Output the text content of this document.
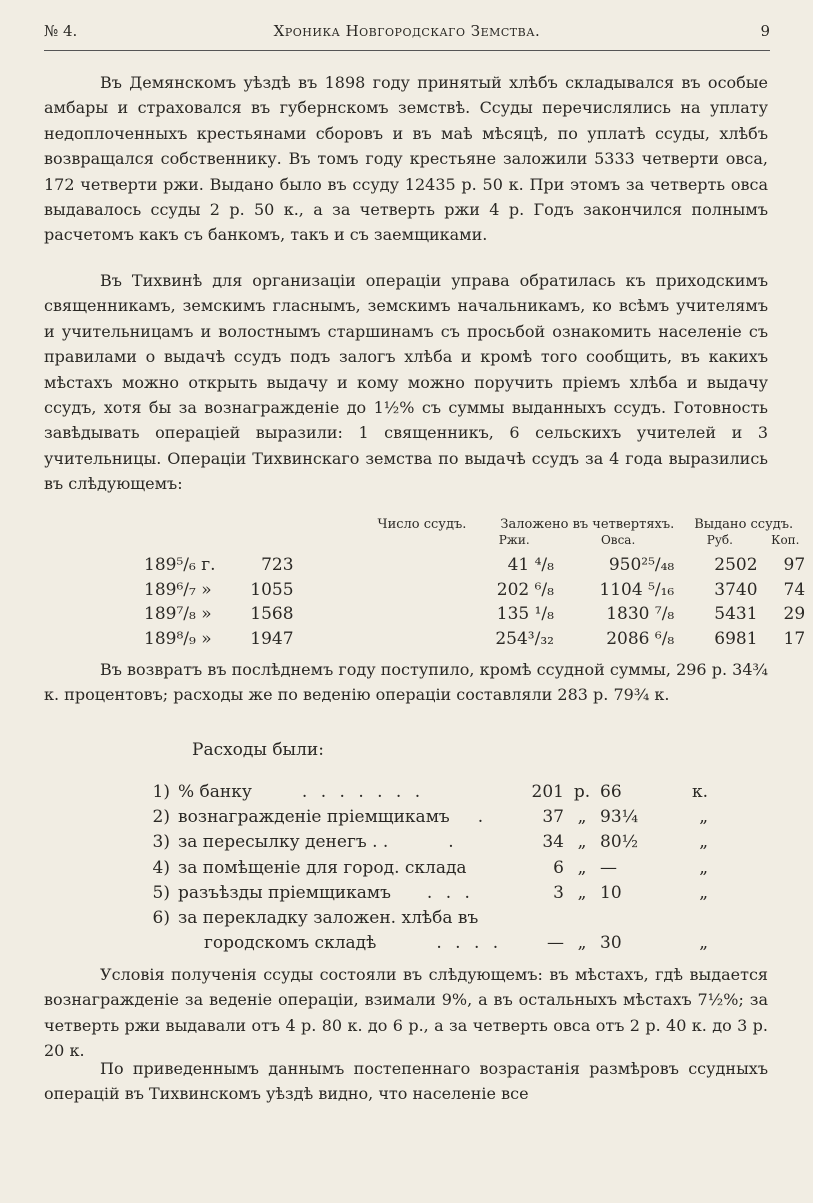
№ 4.	Хроника Новгородскаго Земства.	9

Въ Демянскомъ уѣздѣ въ 1898 году принятый хлѣбъ складывался въ особые амбары и страховался въ губернскомъ земствѣ. Ссуды перечислялись на уплату недоплоченныхъ крестьянами сборовъ и въ маѣ мѣсяцѣ, по уплатѣ ссуды, хлѣбъ возвращался собственнику. Въ томъ году крестьяне заложили 5333 четверти овса, 172 четверти ржи. Выдано было въ ссуду 12435 р. 50 к. При этомъ за четверть овса выдавалось ссуды 2 р. 50 к., а за четверть ржи 4 р. Годъ закончился полнымъ расчетомъ какъ съ банкомъ, такъ и съ заемщиками.

Въ Тихвинѣ для организаціи операціи управа обратилась къ приходскимъ священникамъ, земскимъ гласнымъ, земскимъ начальникамъ, ко всѣмъ учителямъ и учительницамъ и волостнымъ старшинамъ съ просьбой ознакомить населеніе съ правилами о выдачѣ ссудъ подъ залогъ хлѣба и кромѣ того сообщить, въ какихъ мѣстахъ можно открыть выдачу и кому можно поручить пріемъ хлѣба и выдачу ссудъ, хотя бы за вознагражденіе до 1½% съ суммы выданныхъ ссудъ. Готовность завѣдывать операціей выразили: 1 священникъ, 6 сельскихъ учителей и 3 учительницы. Операціи Тихвинскаго земства по выдачѣ ссудъ за 4 года выразились въ слѣдующемъ:

		Число ссудъ.		Заложено въ четвертяхъ.		Выдано ссудъ.	
				Ржи.	Овса.	Руб.	Коп.
189⁵/₆ г.	723			41 ⁴/₈	950²⁵/₄₈	2502	97
189⁶/₇ »	1055			202 ⁶/₈	1104 ⁵/₁₆	3740	74
189⁷/₈ »	1568			135 ¹/₈	1830 ⁷/₈	5431	29
189⁸/₉ »	1947			254³/₃₂	2086 ⁶/₈	6981	17

Въ возвратъ въ послѣднемъ году поступило, кромѣ ссудной суммы, 296 р. 34¾ к. процентовъ; расходы же по веденію операціи составляли 283 р. 79¾ к.

Расходы были:
1)	% банку . . . . . . .	201	р.	66	к.
2)	вознагражденіе пріемщикамъ .	37	„	93¼	„
3)	за пересылку денегъ . . .	34	„	80½	„
4)	за помѣщеніе для город. склада	6	„	—	„
5)	разъѣзды пріемщикамъ . . .	3	„	10	„
6)	за перекладку заложен. хлѣба въ				
	городскомъ складѣ . . . .	—	„	30	„

Условія полученія ссуды состояли въ слѣдующемъ: въ мѣстахъ, гдѣ выдается вознагражденіе за веденіе операціи, взимали 9%, а въ остальныхъ мѣстахъ 7½%; за четверть ржи выдавали отъ 4 р. 80 к. до 6 р., а за четверть овса отъ 2 р. 40 к. до 3 р. 20 к.

По приведеннымъ даннымъ постепеннаго возрастанія размѣровъ ссудныхъ операцій въ Тихвинскомъ уѣздѣ видно, что населеніе все
